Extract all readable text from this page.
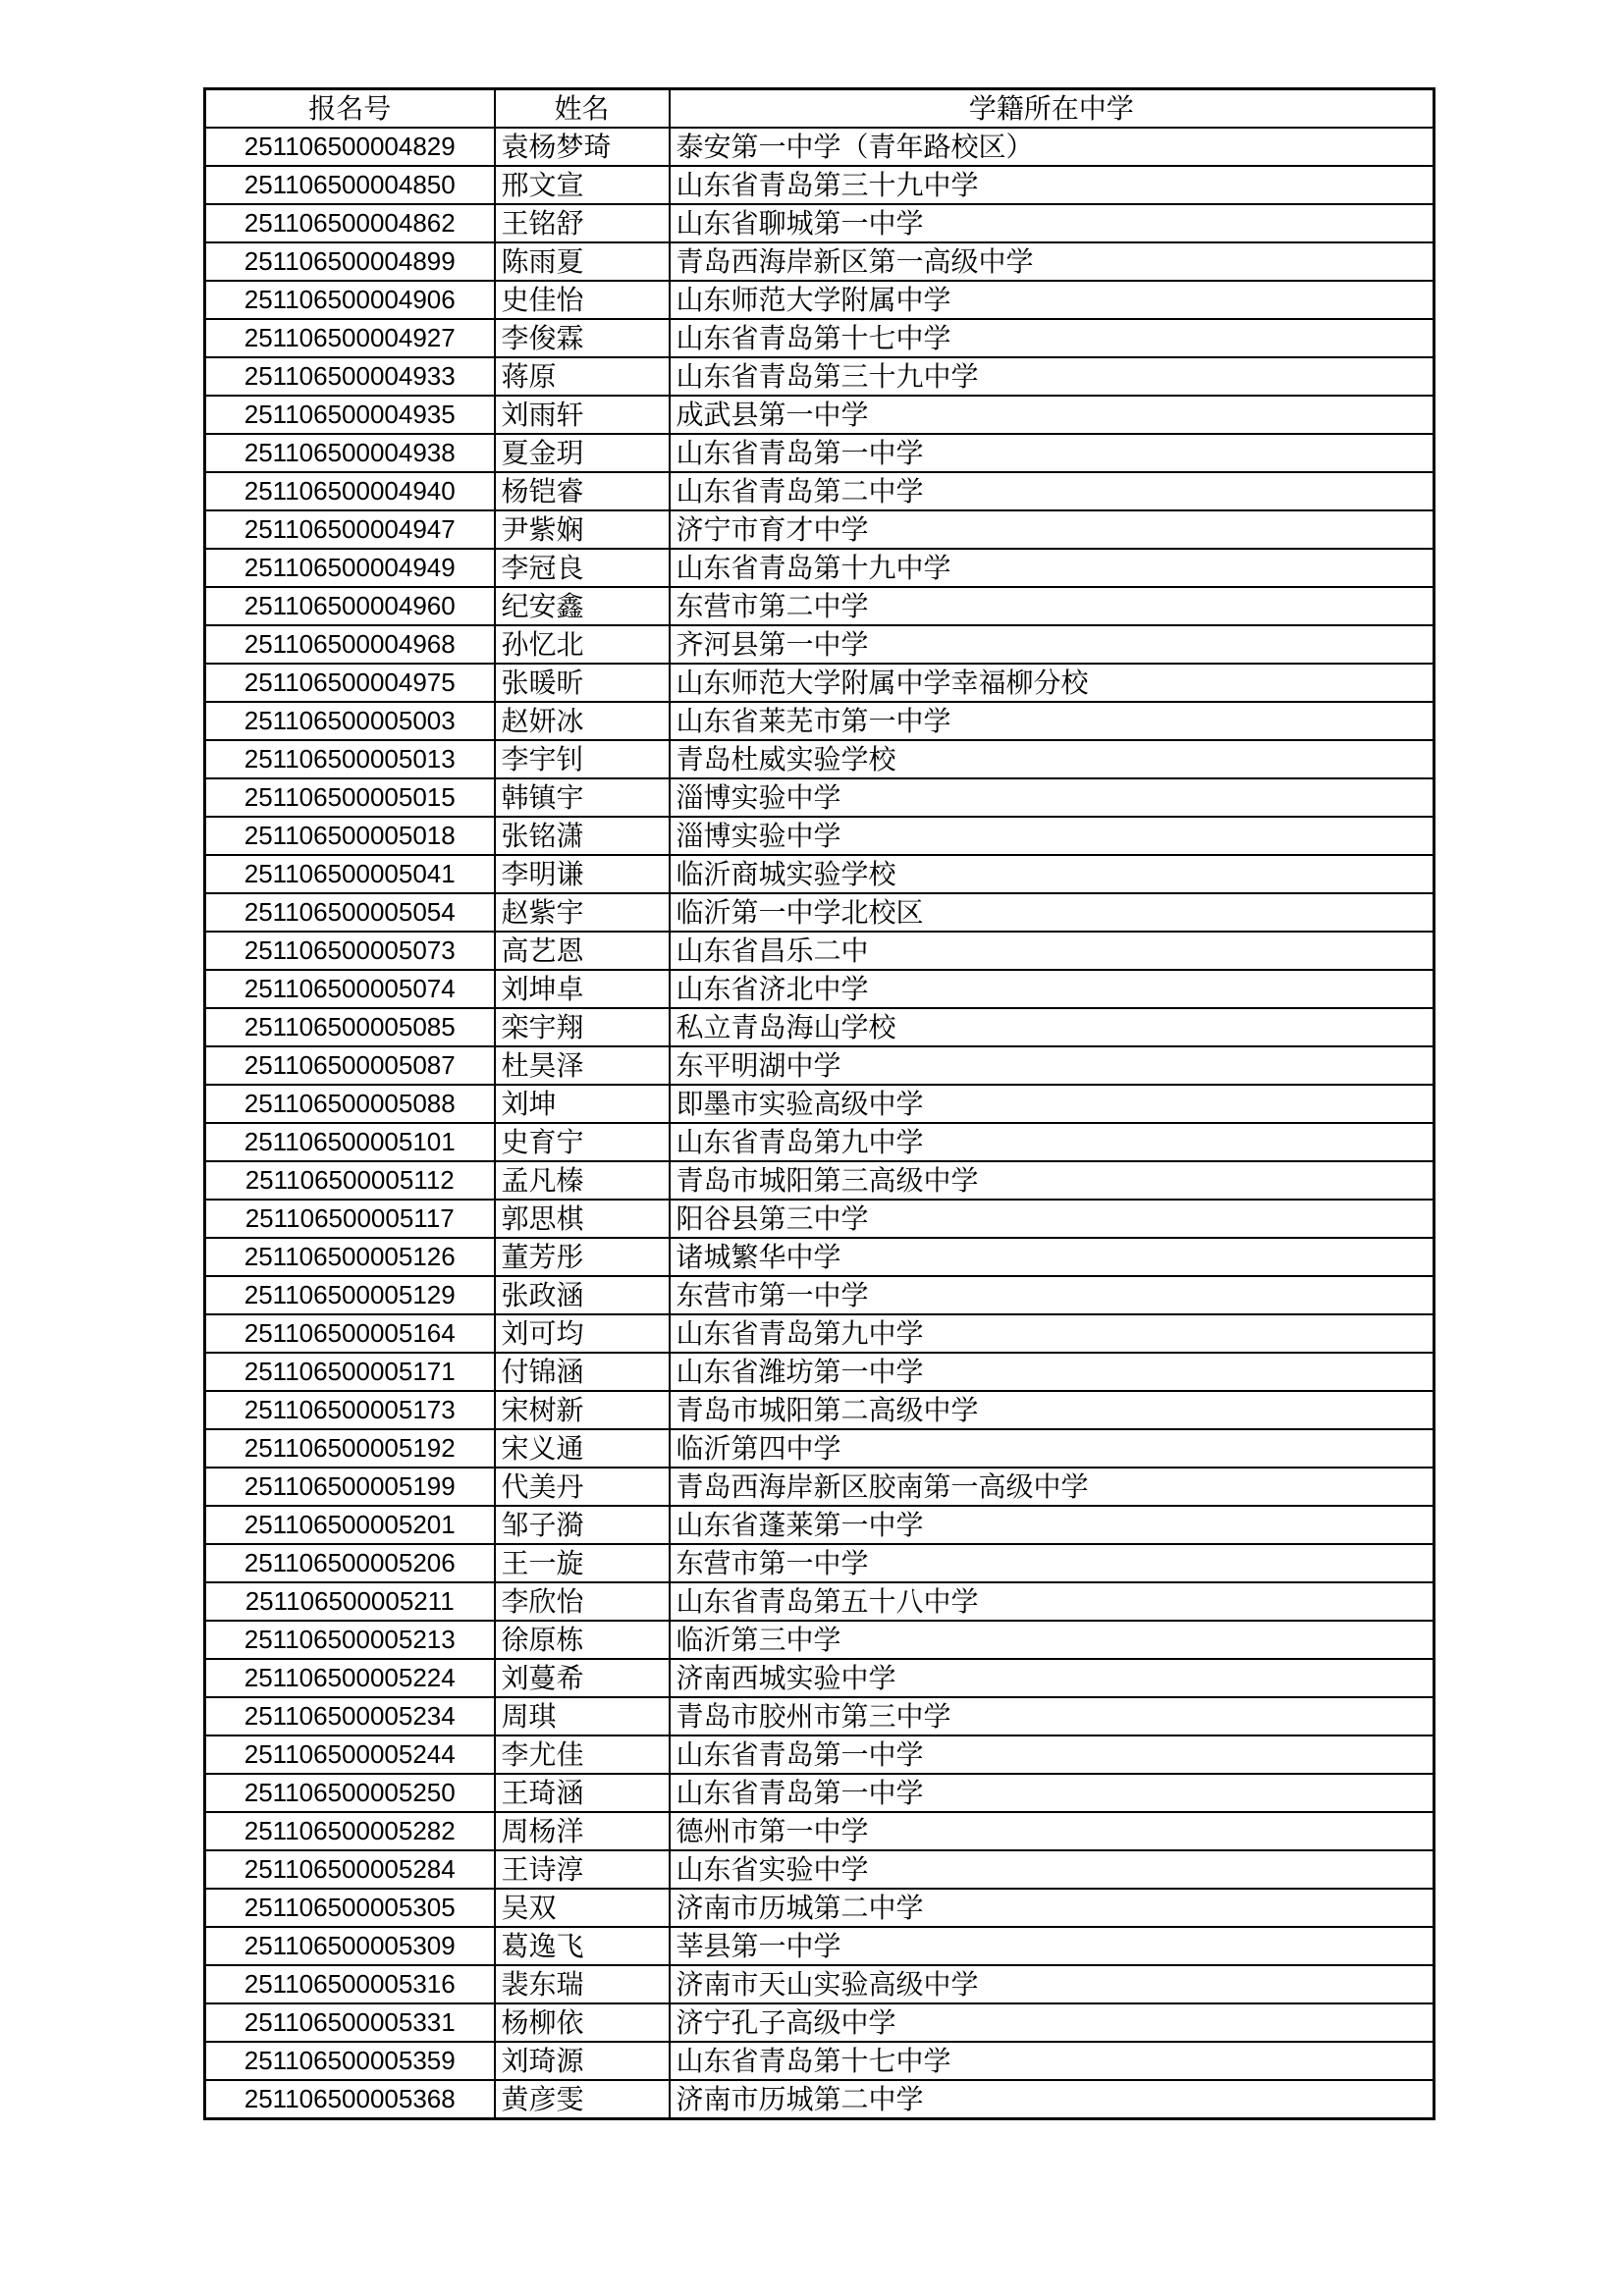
报名号	姓名	学籍所在中学
251106500004829	袁杨梦琦	泰安第一中学（青年路校区）
251106500004850	邢文宣	山东省青岛第三十九中学
251106500004862	王铭舒	山东省聊城第一中学
251106500004899	陈雨夏	青岛西海岸新区第一高级中学
251106500004906	史佳怡	山东师范大学附属中学
251106500004927	李俊霖	山东省青岛第十七中学
251106500004933	蒋原	山东省青岛第三十九中学
251106500004935	刘雨轩	成武县第一中学
251106500004938	夏金玥	山东省青岛第一中学
251106500004940	杨铠睿	山东省青岛第二中学
251106500004947	尹紫娴	济宁市育才中学
251106500004949	李冠良	山东省青岛第十九中学
251106500004960	纪安鑫	东营市第二中学
251106500004968	孙忆北	齐河县第一中学
251106500004975	张暖昕	山东师范大学附属中学幸福柳分校
251106500005003	赵妍冰	山东省莱芜市第一中学
251106500005013	李宇钊	青岛杜威实验学校
251106500005015	韩镇宇	淄博实验中学
251106500005018	张铭潇	淄博实验中学
251106500005041	李明谦	临沂商城实验学校
251106500005054	赵紫宇	临沂第一中学北校区
251106500005073	高艺恩	山东省昌乐二中
251106500005074	刘坤卓	山东省济北中学
251106500005085	栾宇翔	私立青岛海山学校
251106500005087	杜昊泽	东平明湖中学
251106500005088	刘坤	即墨市实验高级中学
251106500005101	史育宁	山东省青岛第九中学
251106500005112	孟凡榛	青岛市城阳第三高级中学
251106500005117	郭思棋	阳谷县第三中学
251106500005126	董芳彤	诸城繁华中学
251106500005129	张政涵	东营市第一中学
251106500005164	刘可均	山东省青岛第九中学
251106500005171	付锦涵	山东省潍坊第一中学
251106500005173	宋树新	青岛市城阳第二高级中学
251106500005192	宋义通	临沂第四中学
251106500005199	代美丹	青岛西海岸新区胶南第一高级中学
251106500005201	邹子漪	山东省蓬莱第一中学
251106500005206	王一旋	东营市第一中学
251106500005211	李欣怡	山东省青岛第五十八中学
251106500005213	徐原栋	临沂第三中学
251106500005224	刘蔓希	济南西城实验中学
251106500005234	周琪	青岛市胶州市第三中学
251106500005244	李尤佳	山东省青岛第一中学
251106500005250	王琦涵	山东省青岛第一中学
251106500005282	周杨洋	德州市第一中学
251106500005284	王诗淳	山东省实验中学
251106500005305	吴双	济南市历城第二中学
251106500005309	葛逸飞	莘县第一中学
251106500005316	裴东瑞	济南市天山实验高级中学
251106500005331	杨柳依	济宁孔子高级中学
251106500005359	刘琦源	山东省青岛第十七中学
251106500005368	黄彦雯	济南市历城第二中学
